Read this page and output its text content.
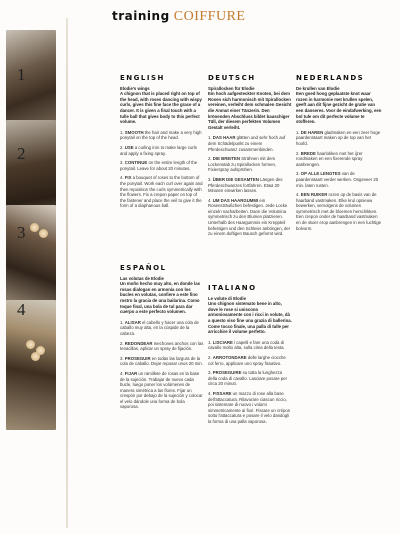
training COIFFURE
1
2
3
4
ENGLISH

Elodie's wings
A chignon that is placed right on top of the head, with roses dancing with wispy curls, gives this fine face the grace of a dancer. It is given a final touch with a tulle ball that gives body to this perfect volume.

1. SMOOTH the hair and make a very high ponytail on the top of the head.

2. USE a curling iron to make large curls and apply a fixing spray.

3. CONTINUE on the entire length of the ponytail. Leave for about 20 minutes.

4. FIX a bouquet of roses to the bottom of the ponytail. Work each curl over again and then reposition the curls symmetrically with the flowers. Fix a crepon paper on top of the fastener and place the veil to give it the form of a diaphanous ball.

ESPAÑOL

Las volutas de Elodie
Un moño hecho muy alto, en donde las rosas dialogan en armonía con los bucles en volutas, confiere a este fino rostro la gracia de una bailarina. Como toque final, una bola de tul para dar cuerpo a este perfecto volumen.

1. ALISAR el cabello y hacer una cola de caballo muy alta, en la cúspide de la cabeza.

2. REDONDEAR mechones anchos con las tenacillas, aplicar un spray de fijación.

3. PROSEGUIR en todas las largura de la cola de caballo. Dejar reposar unos 20 min.

4. FIJAR un ramillete de rosas en la base de la sujeción. Trabajar de nuevo cada bucle, luego poner los volúmenes de manera simétrica a las flores. Fijar un crespón por debajo de la sujeción y colocar el velo dándole una forma de bola vaporosa.

DEUTSCH

Spirallocken für Elodie
Ein hoch aufgesteckter Knoten, bei dem Rosen sich harmonisch mit Spirallocken vereinen, verleiht dem schmalen Gesicht die Anmut einer Tänzerin. Den krönenden Abschluss bildet bauschiger Tüll, der diesem perfekten Volumen Gestalt verleiht.

1. DAS HAAR glätten und sehr hoch auf dem Schädelpunkt zu einem Pferdeschwanz zusammenbinden.

2. DIE BREITEN Strähnen mit dem Lockenstab zu Spirallocken formen, Fixierspray aufsprühen.

3. ÜBER DIE GESAMTEN Längen des Pferdeschwanzes fortfahren. Etwa 20 Minuten einwirken lassen.

4. UM DAS HAARGUMMI ein Rosensträußchen befestigen. Jede Locke einzeln nacharbeiten. Dann die Volumina symmetrisch zu den Blumen platzieren. Unterhalb des Haargummis ein Kreppteil befestigen und den Schleier anbringen, der zu einem duftigen Bausch geformt wird.

ITALIANO

Le volute di Elodie
Uno chignon sistemato bene in alto, dove le rose si uniscono armoniosamente con i ricci in volute, dà a questo viso fine una grazia di ballerina. Come tocco finale, una palla di tulle per arricchire il volume perfetto.

1. LISCIARE i capelli e fare una coda di cavallo molto alta, sulla cima della testa.

2. ARROTONDARE delle larghe ciocche col ferro, applicare uno spray fissativo.

3. PROSEGUIRE su tutta la lunghezza della coda di cavallo. Lasciare posare per circa 20 minuti.

4. FISSARE un mazzo di rose alla base dell'attaccatura. Rilavorare ciascun riccio, poi sistemare di nuovo i volumi simmetricamente ai fiori. Fissare un crépon sotto l'attaccatura e posare il velo dandogli la forma di una palla vaporosa.

NEDERLANDS

De krullen van Elodie
Een goed hoog geplaatste knot waar rozen in harmonie met krullen spelen, geeft aan dit fijne gezicht de gratie van een danseres. Voor de eindafwerking, een bol tule om dit perfecte volume te stofferen.

1. DE HAREN gladmaken en een zeer hoge paardenstaart maken op de top van het hoofd.

2. BREDE haarlokken met het ijzer rondmaken en een fixerende spray aanbrengen.

3. OP ALLE LENGTES van de paardenstaart verder werken. Ongeveer 20 min. laten rusten.

4. EEN RUIKER rozen op de basis van de haarband vastmaken. Elke krul opnieuw bewerken, vervolgens de volumes symmetrisch met de bloemen herschikken. Een crepon onder de haarband vastmaken en de sluier erop aanbrengen in een luchtige bolvorm.
